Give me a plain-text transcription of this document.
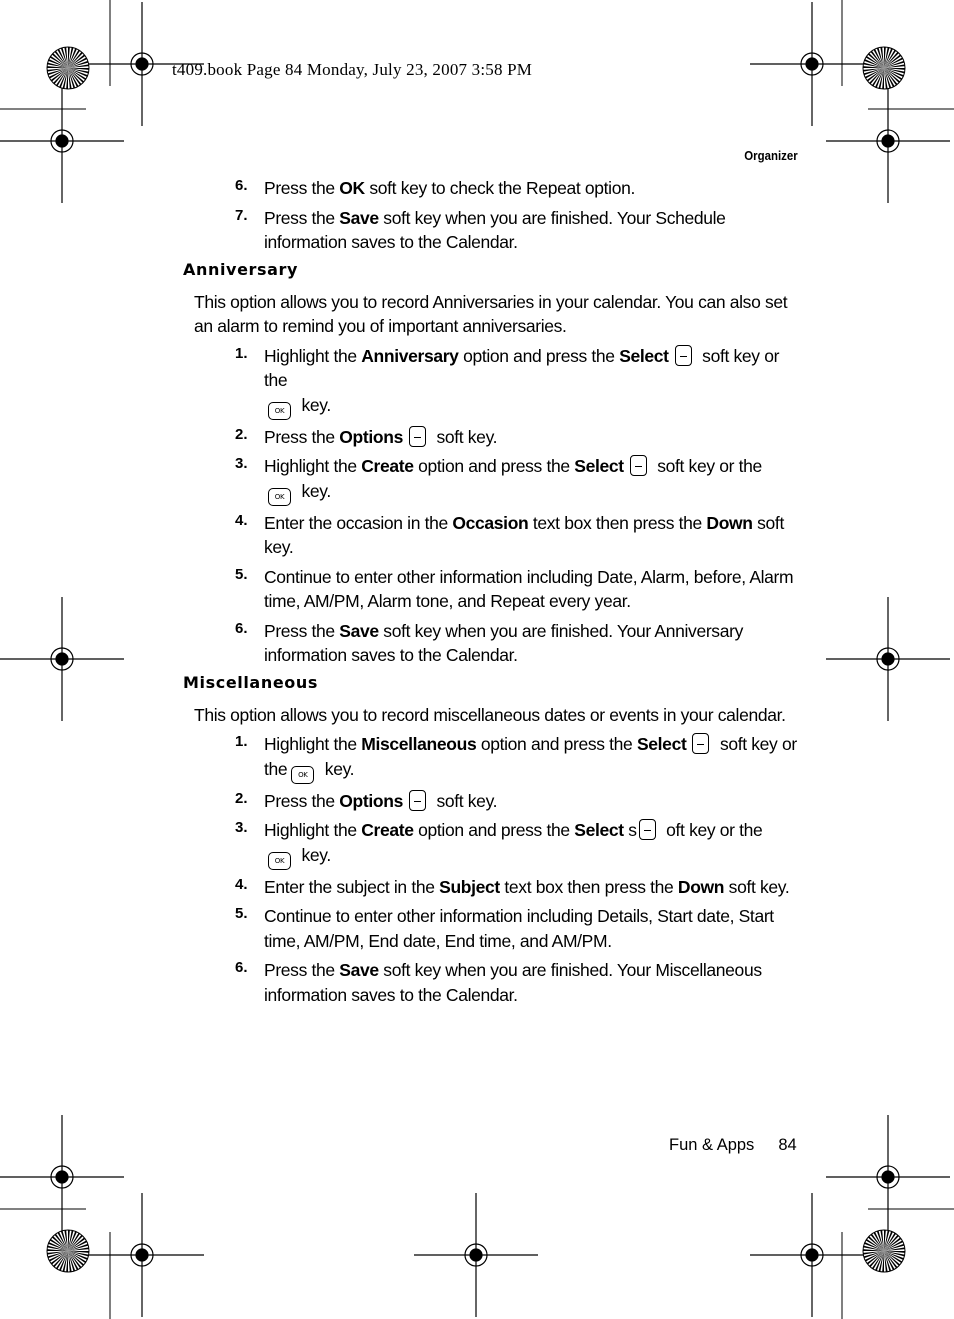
t409.book Page 84 Monday, July 23, 2007 3:58 PM
Organizer
6. Press the OK soft key to check the Repeat option.
7. Press the Save soft key when you are finished. Your Schedule information saves to the Calendar.
Anniversary
This option allows you to record Anniversaries in your calendar. You can also set an alarm to remind you of important anniversaries.
1. Highlight the Anniversary option and press the Select soft key or the
OK key.
2. Press the Options soft key.
3. Highlight the Create option and press the Select soft key or the
OK key.
4. Enter the occasion in the Occasion text box then press the Down soft key.
5. Continue to enter other information including Date, Alarm, before, Alarm time, AM/PM, Alarm tone, and Repeat every year.
6. Press the Save soft key when you are finished. Your Anniversary information saves to the Calendar.
Miscellaneous
This option allows you to record miscellaneous dates or events in your calendar.
1. Highlight the Miscellaneous option and press the Select soft key or
the OK key.
2. Press the Options soft key.
3. Highlight the Create option and press the Select s oft key or the
OK key.
4. Enter the subject in the Subject text box then press the Down soft key.
5. Continue to enter other information including Details, Start date, Start time, AM/PM, End date, End time, and AM/PM.
6. Press the Save soft key when you are finished. Your Miscellaneous information saves to the Calendar.
Fun & Apps 84
